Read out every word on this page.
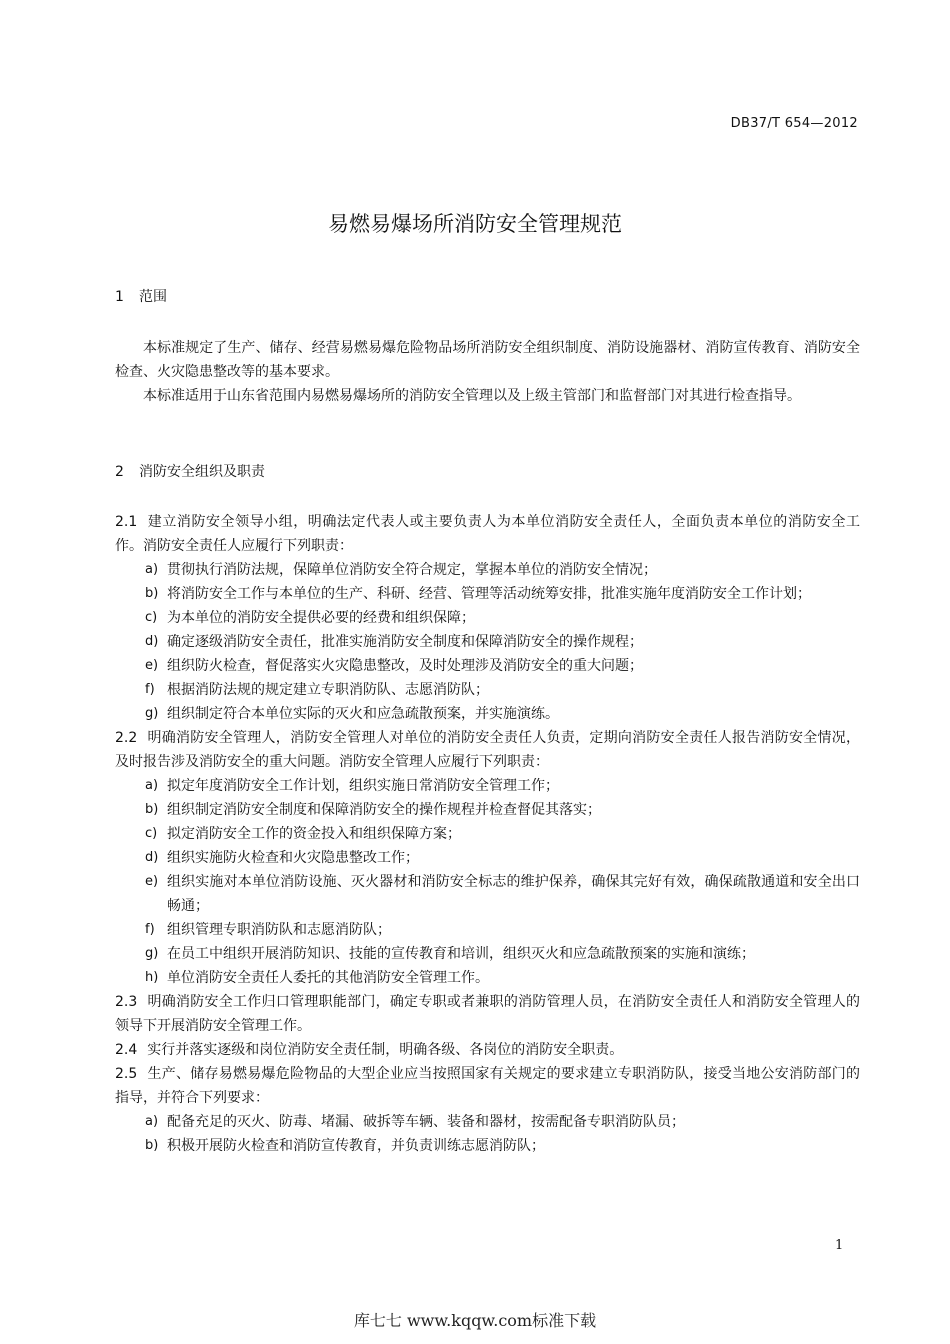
DB37/T 654—2012
易燃易爆场所消防安全管理规范
1 范围

本标准规定了生产、储存、经营易燃易爆危险物品场所消防安全组织制度、消防设施器材、消防宣传教育、消防安全检查、火灾隐患整改等的基本要求。

本标准适用于山东省范围内易燃易爆场所的消防安全管理以及上级主管部门和监督部门对其进行检查指导。

2 消防安全组织及职责

2.1 建立消防安全领导小组，明确法定代表人或主要负责人为本单位消防安全责任人，全面负责本单位的消防安全工作。消防安全责任人应履行下列职责：

a) 贯彻执行消防法规，保障单位消防安全符合规定，掌握本单位的消防安全情况；

b) 将消防安全工作与本单位的生产、科研、经营、管理等活动统筹安排，批准实施年度消防安全工作计划；

c) 为本单位的消防安全提供必要的经费和组织保障；

d) 确定逐级消防安全责任，批准实施消防安全制度和保障消防安全的操作规程；

e) 组织防火检查，督促落实火灾隐患整改，及时处理涉及消防安全的重大问题；

f) 根据消防法规的规定建立专职消防队、志愿消防队；

g) 组织制定符合本单位实际的灭火和应急疏散预案，并实施演练。

2.2 明确消防安全管理人，消防安全管理人对单位的消防安全责任人负责，定期向消防安全责任人报告消防安全情况，及时报告涉及消防安全的重大问题。消防安全管理人应履行下列职责：

a) 拟定年度消防安全工作计划，组织实施日常消防安全管理工作；

b) 组织制定消防安全制度和保障消防安全的操作规程并检查督促其落实；

c) 拟定消防安全工作的资金投入和组织保障方案；

d) 组织实施防火检查和火灾隐患整改工作；

e) 组织实施对本单位消防设施、灭火器材和消防安全标志的维护保养，确保其完好有效，确保疏散通道和安全出口畅通；

f) 组织管理专职消防队和志愿消防队；

g) 在员工中组织开展消防知识、技能的宣传教育和培训，组织灭火和应急疏散预案的实施和演练；

h) 单位消防安全责任人委托的其他消防安全管理工作。

2.3 明确消防安全工作归口管理职能部门，确定专职或者兼职的消防管理人员，在消防安全责任人和消防安全管理人的领导下开展消防安全管理工作。

2.4 实行并落实逐级和岗位消防安全责任制，明确各级、各岗位的消防安全职责。

2.5 生产、储存易燃易爆危险物品的大型企业应当按照国家有关规定的要求建立专职消防队，接受当地公安消防部门的指导，并符合下列要求：

a) 配备充足的灭火、防毒、堵漏、破拆等车辆、装备和器材，按需配备专职消防队员；

b) 积极开展防火检查和消防宣传教育，并负责训练志愿消防队；

1
库七七 www.kqqw.com标准下载
